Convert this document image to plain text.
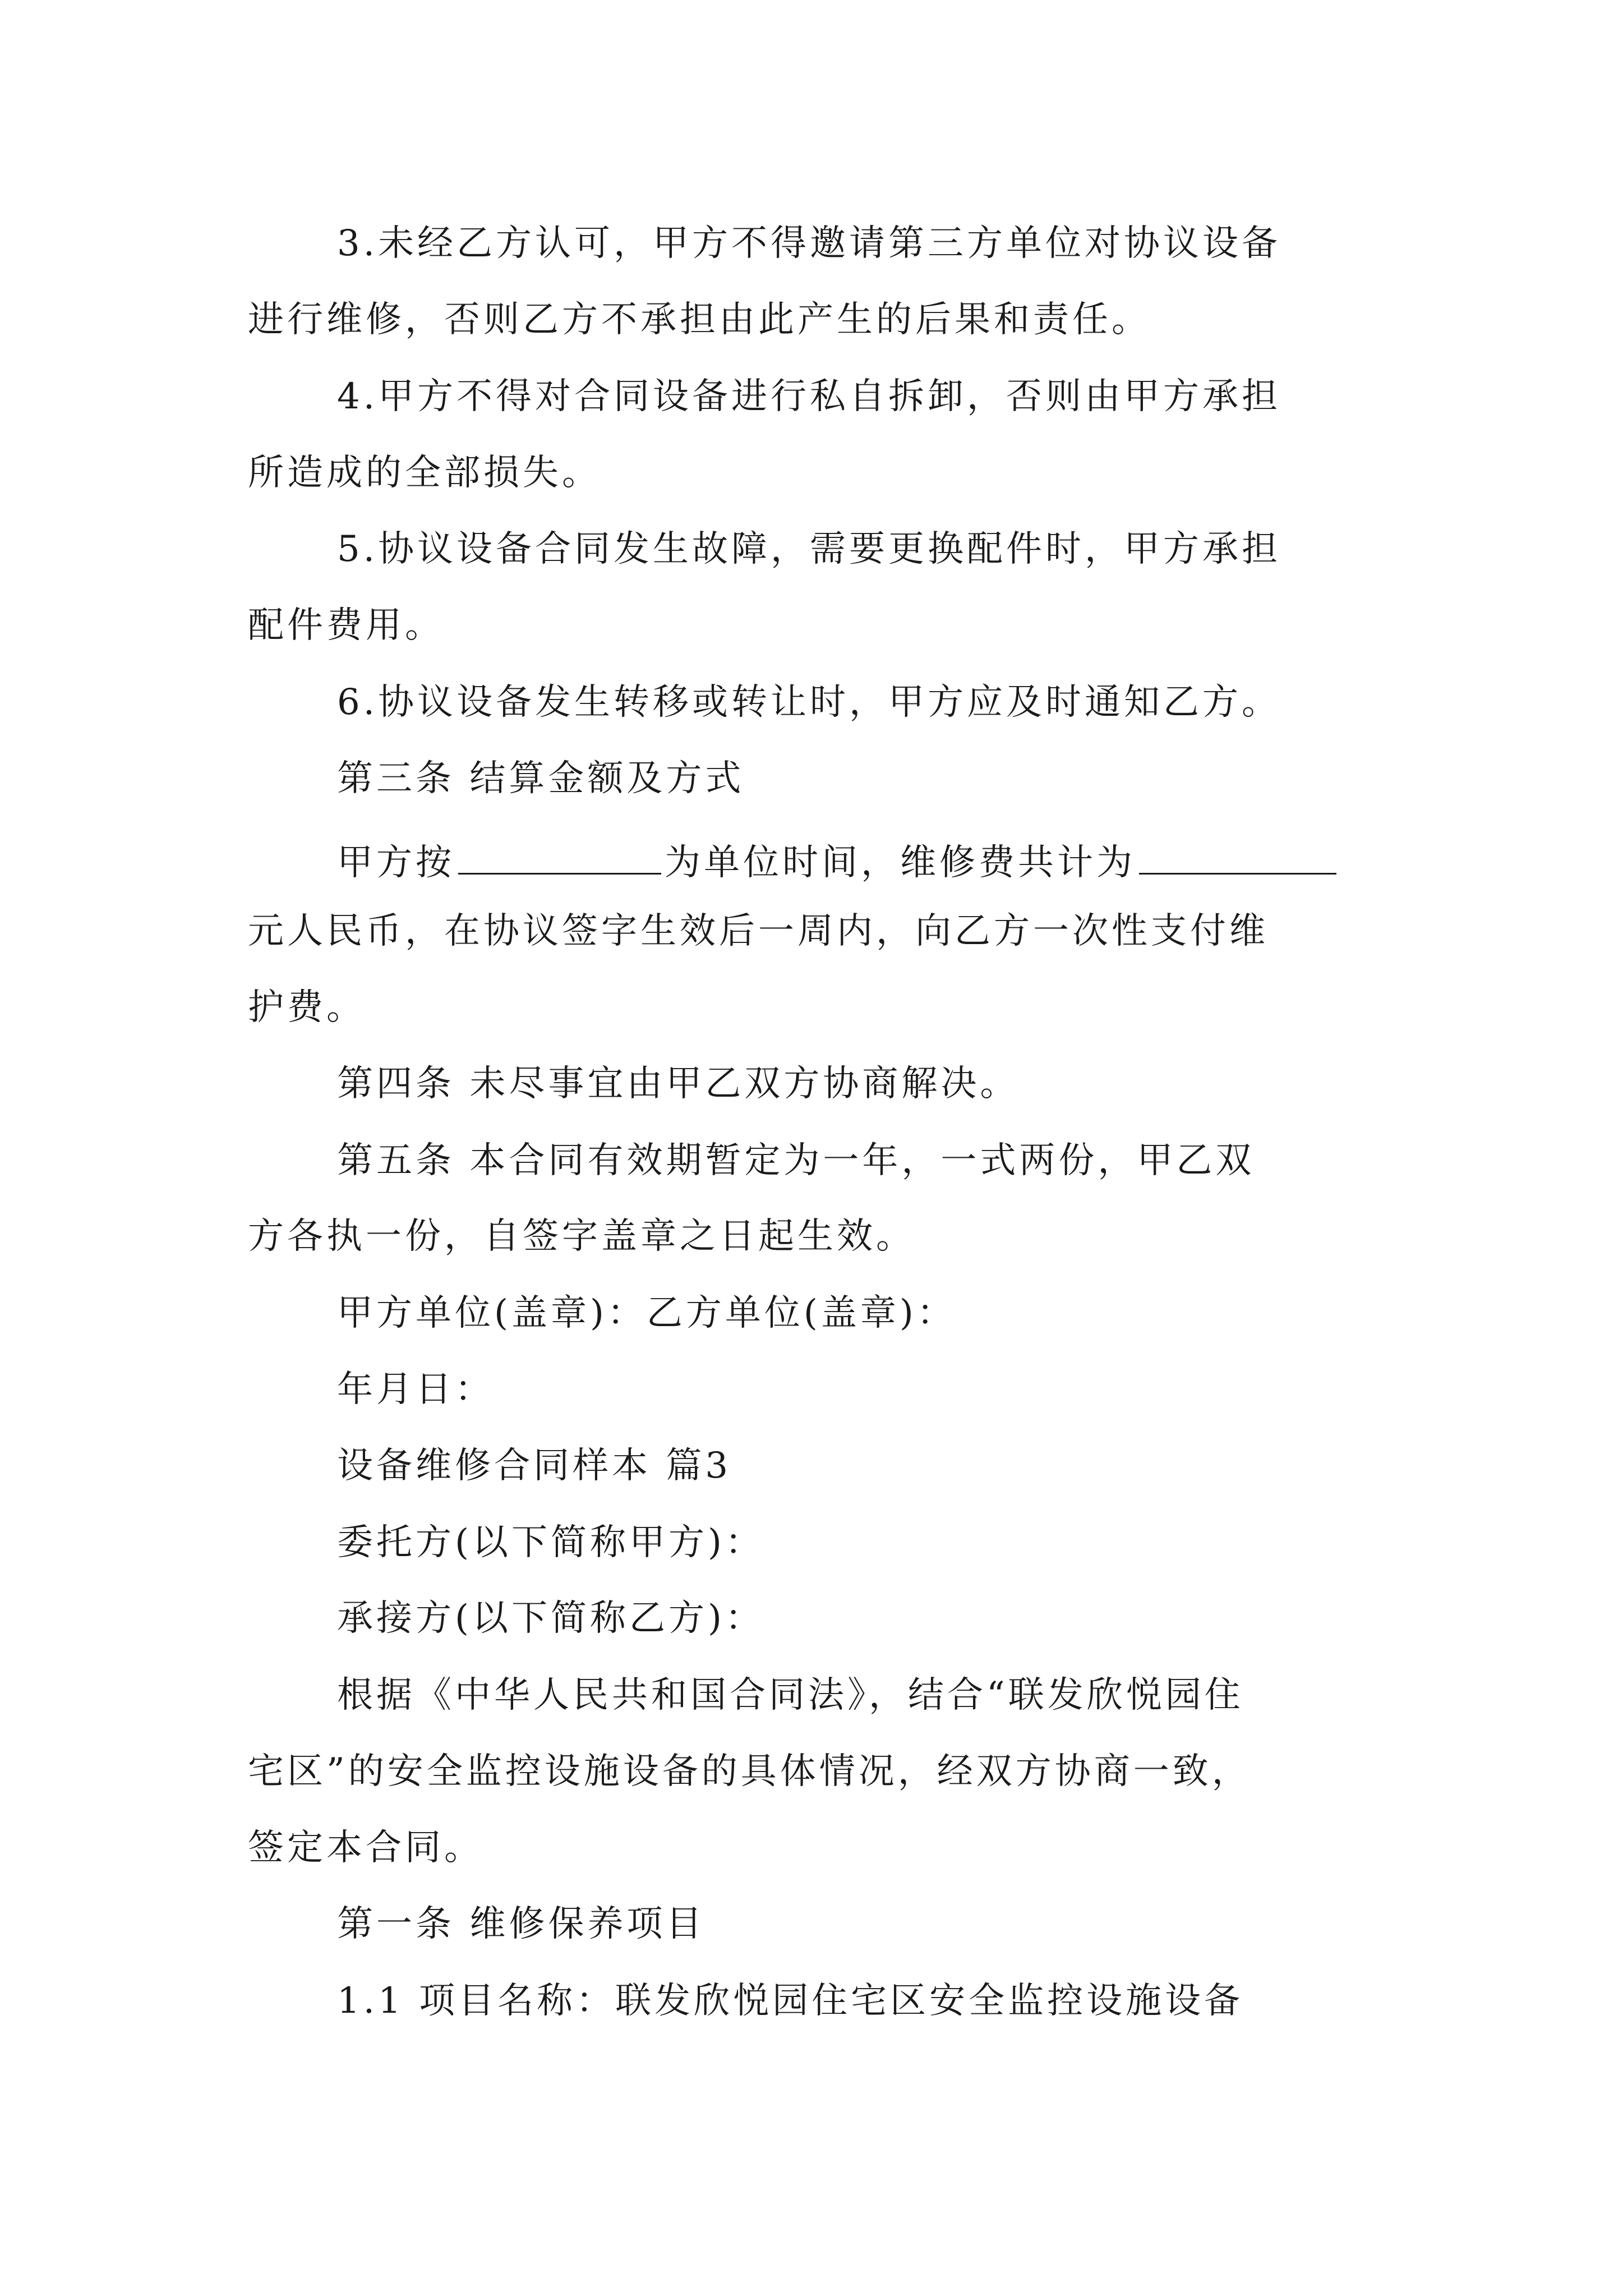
3.未经乙方认可，甲方不得邀请第三方单位对协议设备

进行维修，否则乙方不承担由此产生的后果和责任。

4.甲方不得对合同设备进行私自拆卸，否则由甲方承担

所造成的全部损失。

5.协议设备合同发生故障，需要更换配件时，甲方承担

配件费用。

6.协议设备发生转移或转让时，甲方应及时通知乙方。

第三条 结算金额及方式

甲方按	为单位时间，维修费共计为

元人民币，在协议签字生效后一周内，向乙方一次性支付维

护费。

第四条 未尽事宜由甲乙双方协商解决。

第五条 本合同有效期暂定为一年，一式两份，甲乙双

方各执一份，自签字盖章之日起生效。

甲方单位(盖章)：乙方单位(盖章)：

年月日：

设备维修合同样本 篇3

委托方(以下简称甲方)：

承接方(以下简称乙方)：

根据《中华人民共和国合同法》，结合“联发欣悦园住

宅区”的安全监控设施设备的具体情况，经双方协商一致，

签定本合同。

第一条 维修保养项目

1.1 项目名称：联发欣悦园住宅区安全监控设施设备
